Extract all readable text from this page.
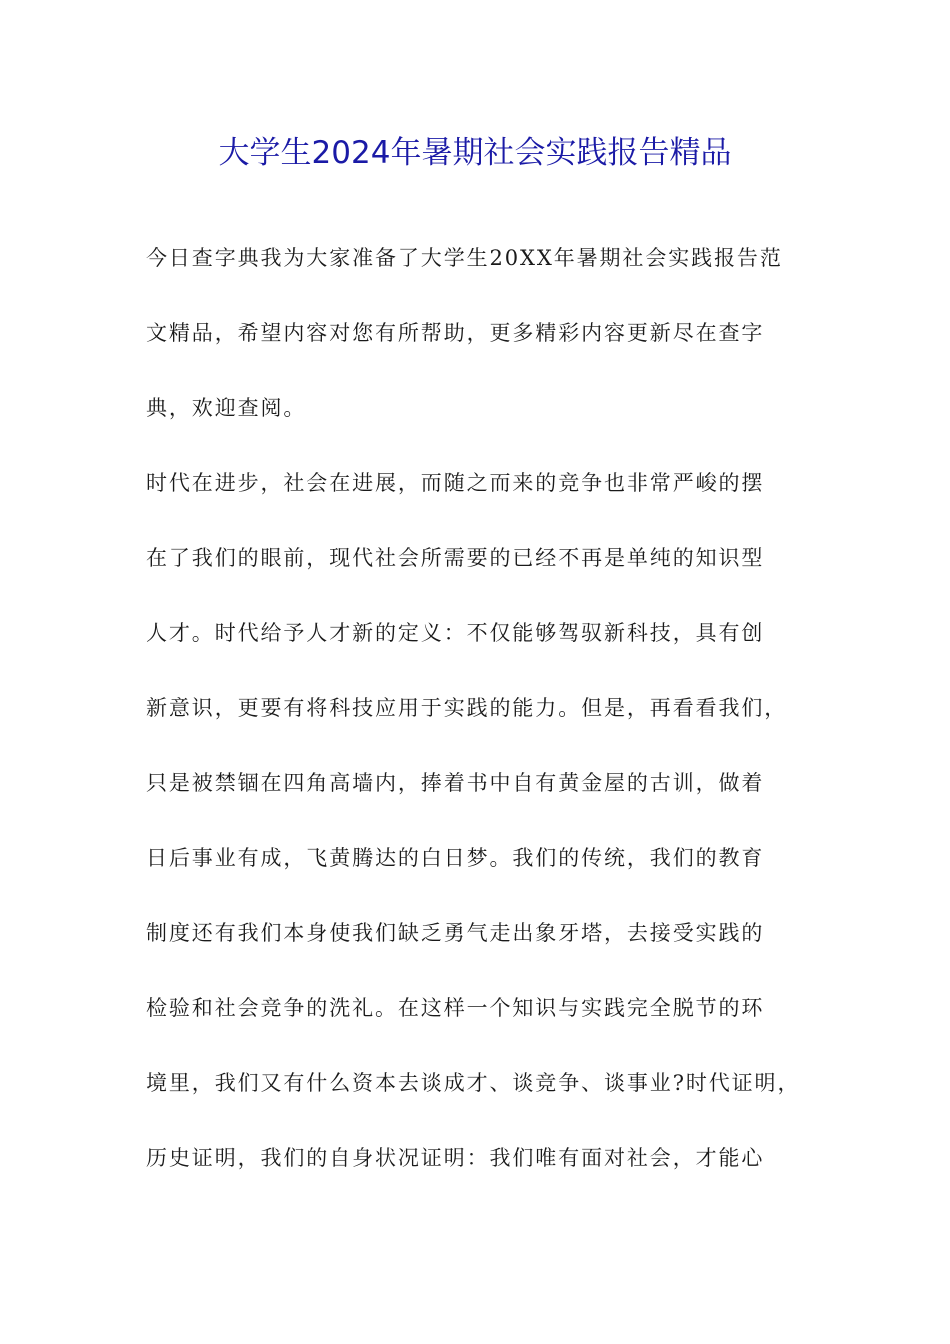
大学生2024年暑期社会实践报告精品
今日查字典我为大家准备了大学生20XX年暑期社会实践报告范
文精品，希望内容对您有所帮助，更多精彩内容更新尽在查字
典，欢迎查阅。
时代在进步，社会在进展，而随之而来的竞争也非常严峻的摆
在了我们的眼前，现代社会所需要的已经不再是单纯的知识型
人才。时代给予人才新的定义：不仅能够驾驭新科技，具有创
新意识，更要有将科技应用于实践的能力。但是，再看看我们，
只是被禁锢在四角高墙内，捧着书中自有黄金屋的古训，做着
日后事业有成，飞黄腾达的白日梦。我们的传统，我们的教育
制度还有我们本身使我们缺乏勇气走出象牙塔，去接受实践的
检验和社会竞争的洗礼。在这样一个知识与实践完全脱节的环
境里，我们又有什么资本去谈成才、谈竞争、谈事业?时代证明，
历史证明，我们的自身状况证明：我们唯有面对社会，才能心
